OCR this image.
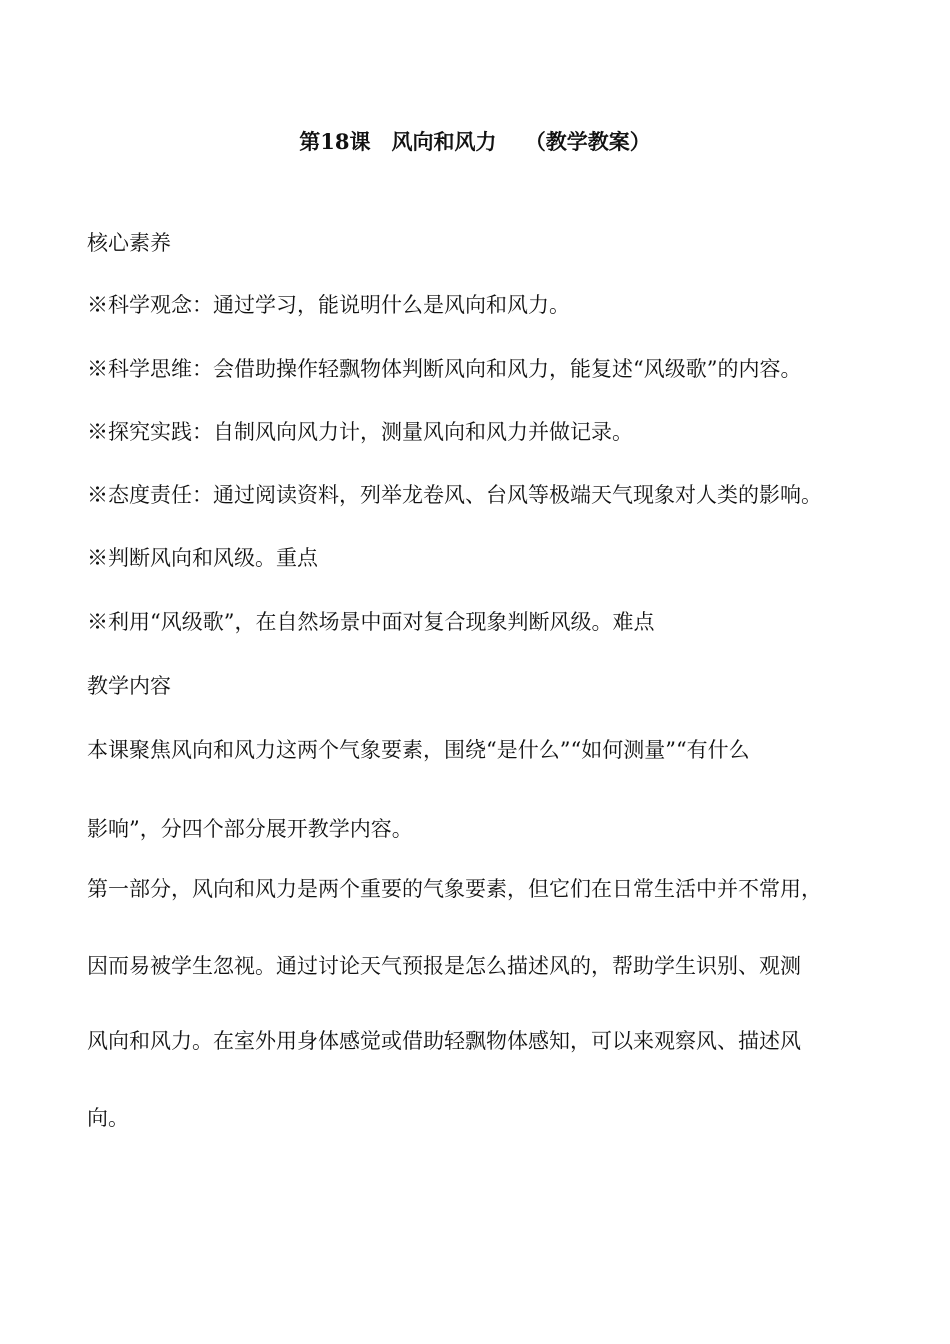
第18课　风向和风力　 （教学教案）
核心素养
※科学观念：通过学习，能说明什么是风向和风力。
※科学思维：会借助操作轻飘物体判断风向和风力，能复述“风级歌”的内容。
※探究实践：自制风向风力计，测量风向和风力并做记录。
※态度责任：通过阅读资料，列举龙卷风、台风等极端天气现象对人类的影响。
※判断风向和风级。重点
※利用“风级歌”，在自然场景中面对复合现象判断风级。难点
教学内容
本课聚焦风向和风力这两个气象要素，围绕“是什么”“如何测量”“有什么
影响”，分四个部分展开教学内容。
第一部分，风向和风力是两个重要的气象要素，但它们在日常生活中并不常用，
因而易被学生忽视。通过讨论天气预报是怎么描述风的，帮助学生识别、观测
风向和风力。在室外用身体感觉或借助轻飘物体感知，可以来观察风、描述风
向。
